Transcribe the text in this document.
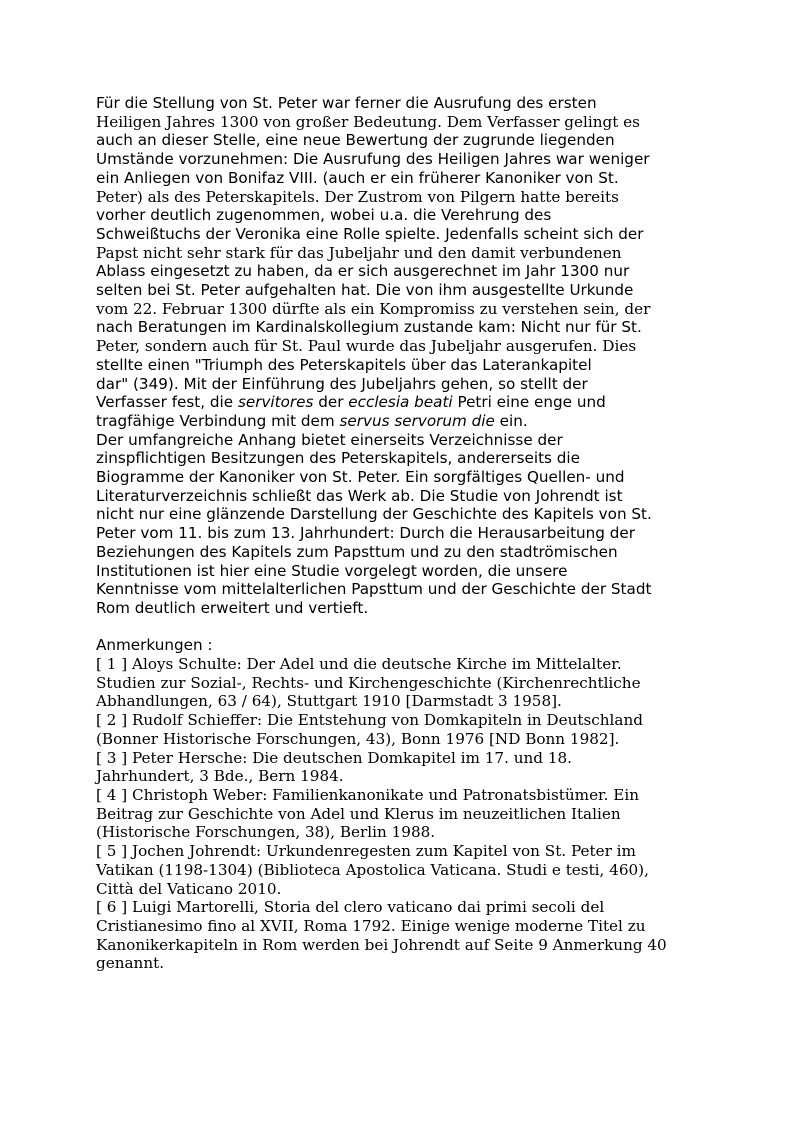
Für die Stellung von St. Peter war ferner die Ausrufung des ersten
Heiligen Jahres 1300 von großer Bedeutung. Dem Verfasser gelingt es
auch an dieser Stelle, eine neue Bewertung der zugrunde liegenden
Umstände vorzunehmen: Die Ausrufung des Heiligen Jahres war weniger
ein Anliegen von Bonifaz VIII. (auch er ein früherer Kanoniker von St.
Peter) als des Peterskapitels. Der Zustrom von Pilgern hatte bereits
vorher deutlich zugenommen, wobei u.a. die Verehrung des
Schweißtuchs der Veronika eine Rolle spielte. Jedenfalls scheint sich der
Papst nicht sehr stark für das Jubeljahr und den damit verbundenen
Ablass eingesetzt zu haben, da er sich ausgerechnet im Jahr 1300 nur
selten bei St. Peter aufgehalten hat. Die von ihm ausgestellte Urkunde
vom 22. Februar 1300 dürfte als ein Kompromiss zu verstehen sein, der
nach Beratungen im Kardinalskollegium zustande kam: Nicht nur für St.
Peter, sondern auch für St. Paul wurde das Jubeljahr ausgerufen. Dies
stellte einen "Triumph des Peterskapitels über das Laterankapitel
dar" (349). Mit der Einführung des Jubeljahrs gehen, so stellt der
Verfasser fest, die servitores der ecclesia beati Petri eine enge und
tragfähige Verbindung mit dem servus servorum die ein.
Der umfangreiche Anhang bietet einerseits Verzeichnisse der
zinspflichtigen Besitzungen des Peterskapitels, andererseits die
Biogramme der Kanoniker von St. Peter. Ein sorgfältiges Quellen- und
Literaturverzeichnis schließt das Werk ab. Die Studie von Johrendt ist
nicht nur eine glänzende Darstellung der Geschichte des Kapitels von St.
Peter vom 11. bis zum 13. Jahrhundert: Durch die Herausarbeitung der
Beziehungen des Kapitels zum Papsttum und zu den stadtrömischen
Institutionen ist hier eine Studie vorgelegt worden, die unsere
Kenntnisse vom mittelalterlichen Papsttum und der Geschichte der Stadt
Rom deutlich erweitert und vertieft.
Anmerkungen :
[ 1 ] Aloys Schulte: Der Adel und die deutsche Kirche im Mittelalter.
Studien zur Sozial-, Rechts- und Kirchengeschichte (Kirchenrechtliche
Abhandlungen, 63 / 64), Stuttgart 1910 [Darmstadt 3 1958].
[ 2 ] Rudolf Schieffer: Die Entstehung von Domkapiteln in Deutschland
(Bonner Historische Forschungen, 43), Bonn 1976 [ND Bonn 1982].
[ 3 ] Peter Hersche: Die deutschen Domkapitel im 17. und 18.
Jahrhundert, 3 Bde., Bern 1984.
[ 4 ] Christoph Weber: Familienkanonikate und Patronatsbistümer. Ein
Beitrag zur Geschichte von Adel und Klerus im neuzeitlichen Italien
(Historische Forschungen, 38), Berlin 1988.
[ 5 ] Jochen Johrendt: Urkundenregesten zum Kapitel von St. Peter im
Vatikan (1198-1304) (Biblioteca Apostolica Vaticana. Studi e testi, 460),
Città del Vaticano 2010.
[ 6 ] Luigi Martorelli, Storia del clero vaticano dai primi secoli del
Cristianesimo fino al XVII, Roma 1792. Einige wenige moderne Titel zu
Kanonikerkapiteln in Rom werden bei Johrendt auf Seite 9 Anmerkung 40
genannt.
